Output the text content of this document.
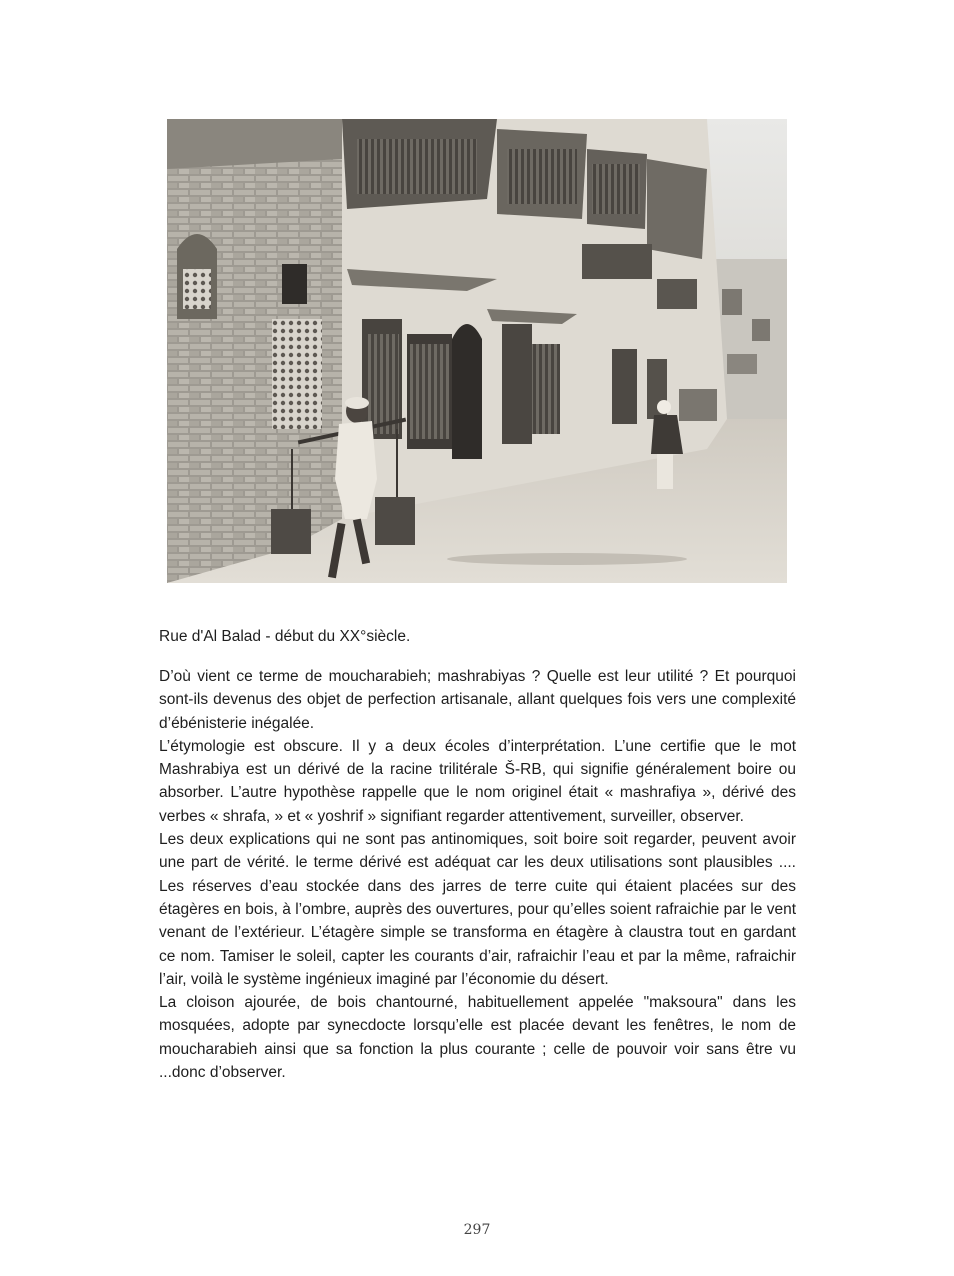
Rue d'Al Balad - début du XX°siècle.

D’où vient ce terme de moucharabieh; mashrabiyas ? Quelle est leur utilité ? Et pourquoi sont-ils devenus des objet de perfection artisanale, allant quelques fois vers une complexité d’ébénisterie inégalée.

L’étymologie est obscure. Il y a deux écoles d’interprétation. L’une certifie que le mot Mashrabiya est un dérivé de la racine trilitérale Š-RB, qui signifie généralement boire ou absorber. L’autre hypothèse rappelle que le nom originel était « mashrafiya », dérivé des verbes « shrafa, » et « yoshrif » signifiant regarder attentivement, surveiller, observer.

Les deux explications qui ne sont pas antinomiques, soit boire soit regarder, peuvent avoir une part de vérité. le terme dérivé est adéquat car les deux utilisations sont plausibles .... Les réserves d’eau stockée dans des jarres de terre cuite qui étaient placées sur des étagères en bois, à l’ombre, auprès des ouvertures, pour qu’elles soient rafraichie par le vent venant de l’extérieur. L’étagère simple se transforma en étagère à claustra tout en gardant ce nom. Tamiser le soleil, capter les courants d’air, rafraichir l’eau et par la même, rafraichir l’air, voilà le système ingénieux imaginé par l’économie du désert.

La cloison ajourée, de bois chantourné, habituellement appelée "maksoura" dans les mosquées, adopte par synecdocte lorsqu’elle est placée devant les fenêtres, le nom de moucharabieh ainsi que sa fonction la plus courante ; celle de pouvoir voir sans être vu ...donc d’observer.

297
